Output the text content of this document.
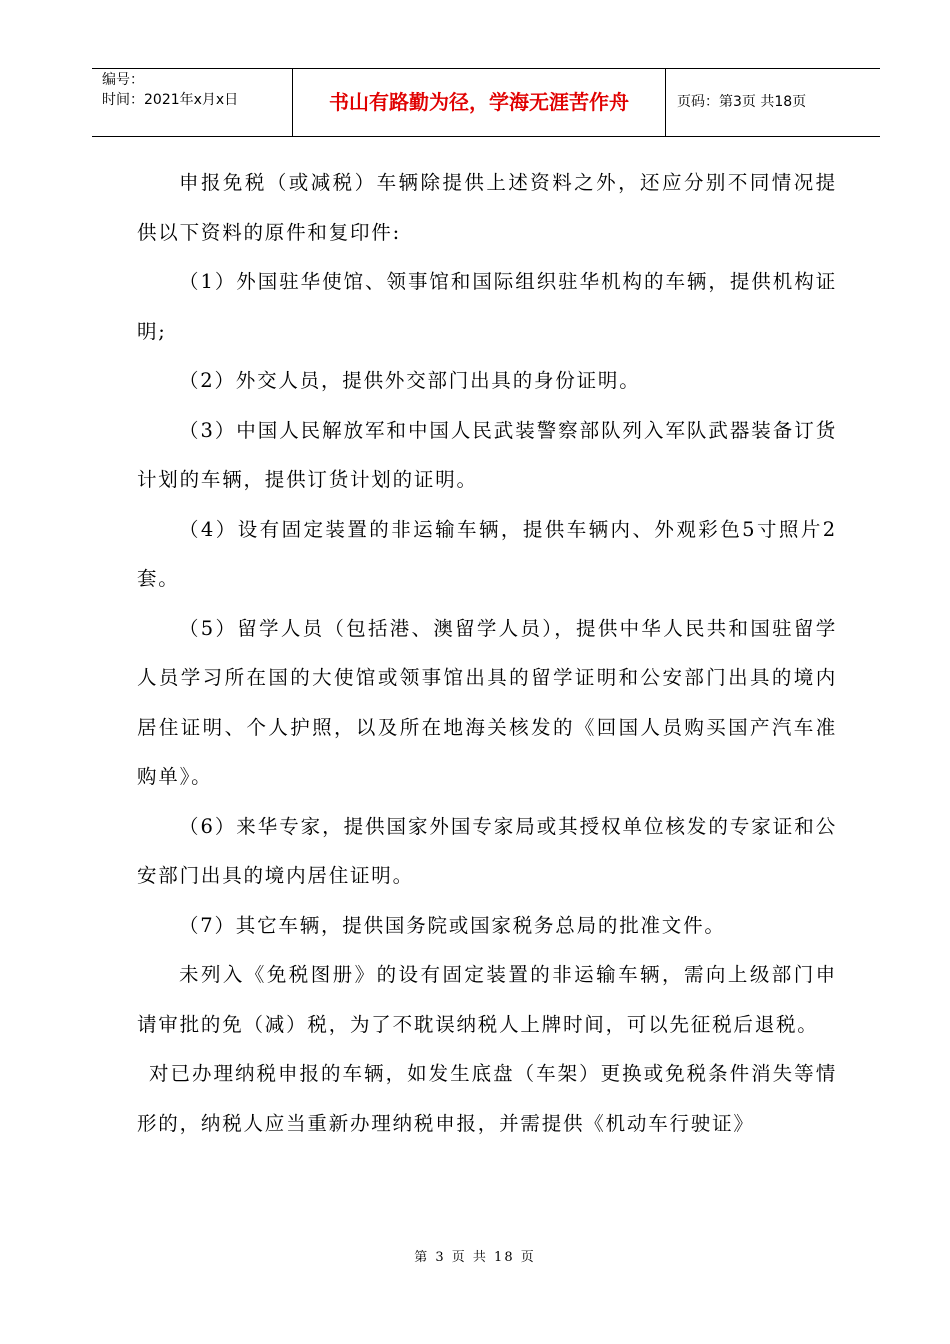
编号：
时间：2021年x月x日	书山有路勤为径，学海无涯苦作舟	页码：第3页 共18页

申报免税（或减税）车辆除提供上述资料之外，还应分别不同情况提供以下资料的原件和复印件:

（1）外国驻华使馆、领事馆和国际组织驻华机构的车辆，提供机构证明;

（2）外交人员，提供外交部门出具的身份证明。

（3）中国人民解放军和中国人民武装警察部队列入军队武器装备订货计划的车辆，提供订货计划的证明。

（4）设有固定装置的非运输车辆，提供车辆内、外观彩色5寸照片2套。

（5）留学人员（包括港、澳留学人员），提供中华人民共和国驻留学人员学习所在国的大使馆或领事馆出具的留学证明和公安部门出具的境内居住证明、个人护照，以及所在地海关核发的《回国人员购买国产汽车准购单》。

（6）来华专家，提供国家外国专家局或其授权单位核发的专家证和公安部门出具的境内居住证明。

（7）其它车辆，提供国务院或国家税务总局的批准文件。

未列入《免税图册》的设有固定装置的非运输车辆，需向上级部门申请审批的免（减）税，为了不耽误纳税人上牌时间，可以先征税后退税。

对已办理纳税申报的车辆，如发生底盘（车架）更换或免税条件消失等情形的，纳税人应当重新办理纳税申报，并需提供《机动车行驶证》

第 3 页 共 18 页
